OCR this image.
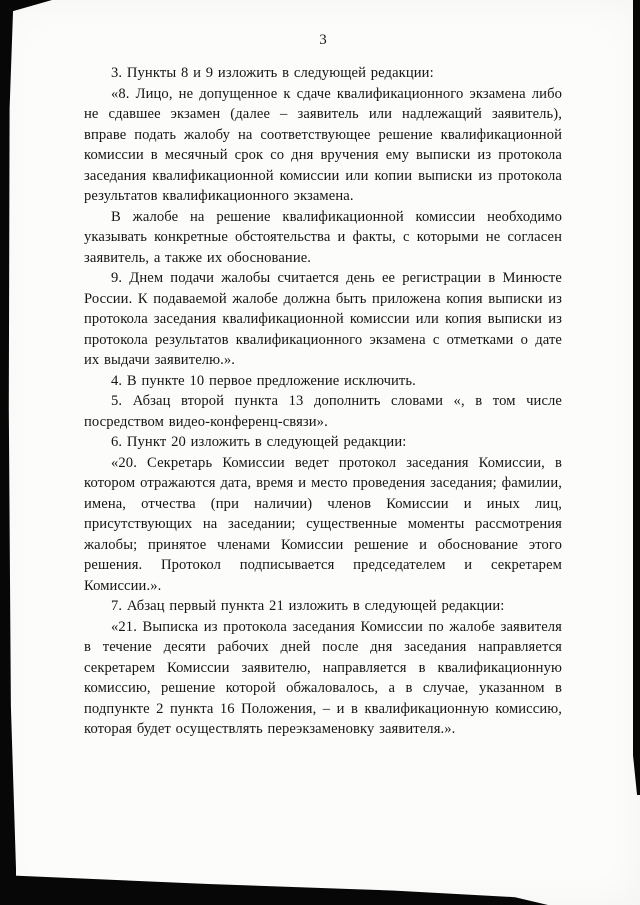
3

3. Пункты 8 и 9 изложить в следующей редакции:

«8. Лицо, не допущенное к сдаче квалификационного экзамена либо не сдавшее экзамен (далее – заявитель или надлежащий заявитель), вправе подать жалобу на соответствующее решение квалификационной комиссии в месячный срок со дня вручения ему выписки из протокола заседания квалификационной комиссии или копии выписки из протокола результатов квалификационного экзамена.

В жалобе на решение квалификационной комиссии необходимо указывать конкретные обстоятельства и факты, с которыми не согласен заявитель, а также их обоснование.

9. Днем подачи жалобы считается день ее регистрации в Минюсте России. К подаваемой жалобе должна быть приложена копия выписки из протокола заседания квалификационной комиссии или копия выписки из протокола результатов квалификационного экзамена с отметками о дате их выдачи заявителю.».

4. В пункте 10 первое предложение исключить.

5. Абзац второй пункта 13 дополнить словами «, в том числе посредством видео-конференц-связи».

6. Пункт 20 изложить в следующей редакции:

«20. Секретарь Комиссии ведет протокол заседания Комиссии, в котором отражаются дата, время и место проведения заседания; фамилии, имена, отчества (при наличии) членов Комиссии и иных лиц, присутствующих на заседании; существенные моменты рассмотрения жалобы; принятое членами Комиссии решение и обоснование этого решения. Протокол подписывается председателем и секретарем Комиссии.».

7. Абзац первый пункта 21 изложить в следующей редакции:

«21. Выписка из протокола заседания Комиссии по жалобе заявителя в течение десяти рабочих дней после дня заседания направляется секретарем Комиссии заявителю, направляется в квалификационную комиссию, решение которой обжаловалось, а в случае, указанном в подпункте 2 пункта 16 Положения, – и в квалификационную комиссию, которая будет осуществлять переэкзаменовку заявителя.».
